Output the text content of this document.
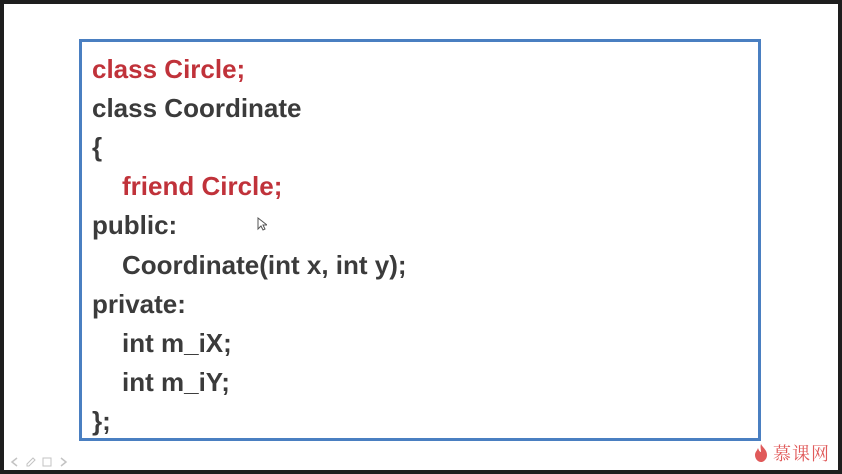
class Circle;
class Coordinate
{
friend Circle;
public:
Coordinate(int x, int y);
private:
int m_iX;
int m_iY;
};
慕课网
